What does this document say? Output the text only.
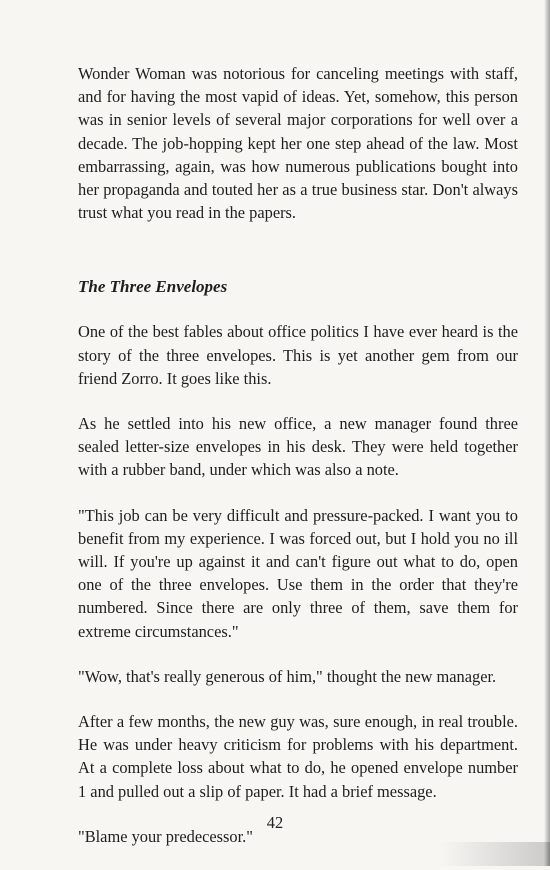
Wonder Woman was notorious for canceling meetings with staff, and for having the most vapid of ideas. Yet, somehow, this person was in senior levels of several major corporations for well over a decade. The job-hopping kept her one step ahead of the law. Most embarrassing, again, was how numerous publications bought into her propaganda and touted her as a true business star. Don't always trust what you read in the papers.

The Three Envelopes

One of the best fables about office politics I have ever heard is the story of the three envelopes. This is yet another gem from our friend Zorro. It goes like this.

As he settled into his new office, a new manager found three sealed letter-size envelopes in his desk. They were held together with a rubber band, under which was also a note.

"This job can be very difficult and pressure-packed. I want you to benefit from my experience. I was forced out, but I hold you no ill will. If you're up against it and can't figure out what to do, open one of the three envelopes. Use them in the order that they're numbered. Since there are only three of them, save them for extreme circumstances."

"Wow, that's really generous of him," thought the new manager.

After a few months, the new guy was, sure enough, in real trouble. He was under heavy criticism for problems with his department. At a complete loss about what to do, he opened envelope number 1 and pulled out a slip of paper. It had a brief message.

"Blame your predecessor."

42
